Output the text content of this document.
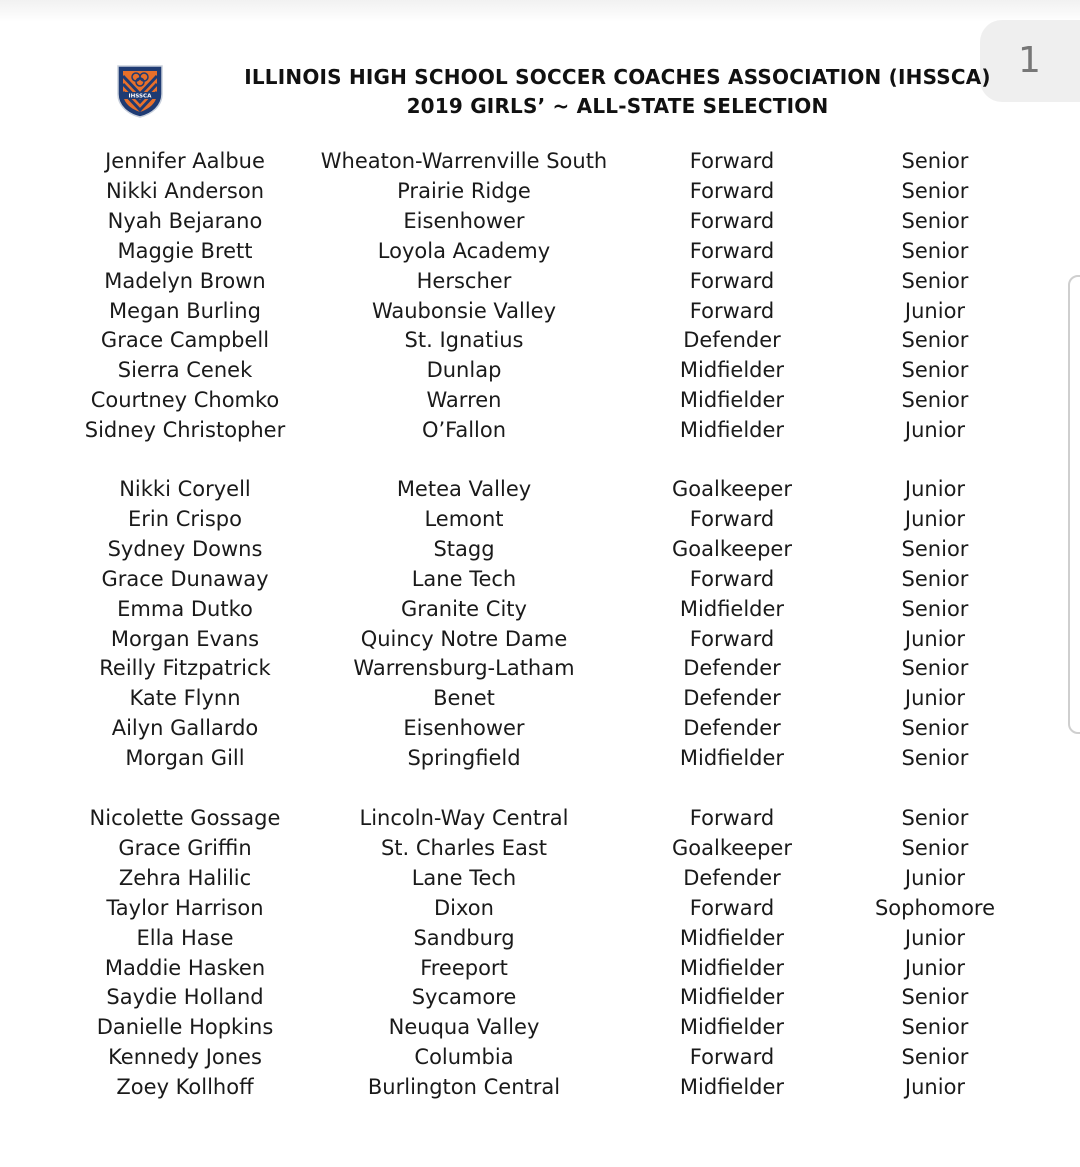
1
IHSSCA
ILLINOIS HIGH SCHOOL SOCCER COACHES ASSOCIATION (IHSSCA)
2019 GIRLS’ ~ ALL-STATE SELECTION
Jennifer Aalbue	Wheaton-Warrenville South	Forward	Senior
Nikki Anderson	Prairie Ridge	Forward	Senior
Nyah Bejarano	Eisenhower	Forward	Senior
Maggie Brett	Loyola Academy	Forward	Senior
Madelyn Brown	Herscher	Forward	Senior
Megan Burling	Waubonsie Valley	Forward	Junior
Grace Campbell	St. Ignatius	Defender	Senior
Sierra Cenek	Dunlap	Midfielder	Senior
Courtney Chomko	Warren	Midfielder	Senior
Sidney Christopher	O’Fallon	Midfielder	Junior
Nikki Coryell	Metea Valley	Goalkeeper	Junior
Erin Crispo	Lemont	Forward	Junior
Sydney Downs	Stagg	Goalkeeper	Senior
Grace Dunaway	Lane Tech	Forward	Senior
Emma Dutko	Granite City	Midfielder	Senior
Morgan Evans	Quincy Notre Dame	Forward	Junior
Reilly Fitzpatrick	Warrensburg-Latham	Defender	Senior
Kate Flynn	Benet	Defender	Junior
Ailyn Gallardo	Eisenhower	Defender	Senior
Morgan Gill	Springfield	Midfielder	Senior
Nicolette Gossage	Lincoln-Way Central	Forward	Senior
Grace Griffin	St. Charles East	Goalkeeper	Senior
Zehra Halilic	Lane Tech	Defender	Junior
Taylor Harrison	Dixon	Forward	Sophomore
Ella Hase	Sandburg	Midfielder	Junior
Maddie Hasken	Freeport	Midfielder	Junior
Saydie Holland	Sycamore	Midfielder	Senior
Danielle Hopkins	Neuqua Valley	Midfielder	Senior
Kennedy Jones	Columbia	Forward	Senior
Zoey Kollhoff	Burlington Central	Midfielder	Junior
